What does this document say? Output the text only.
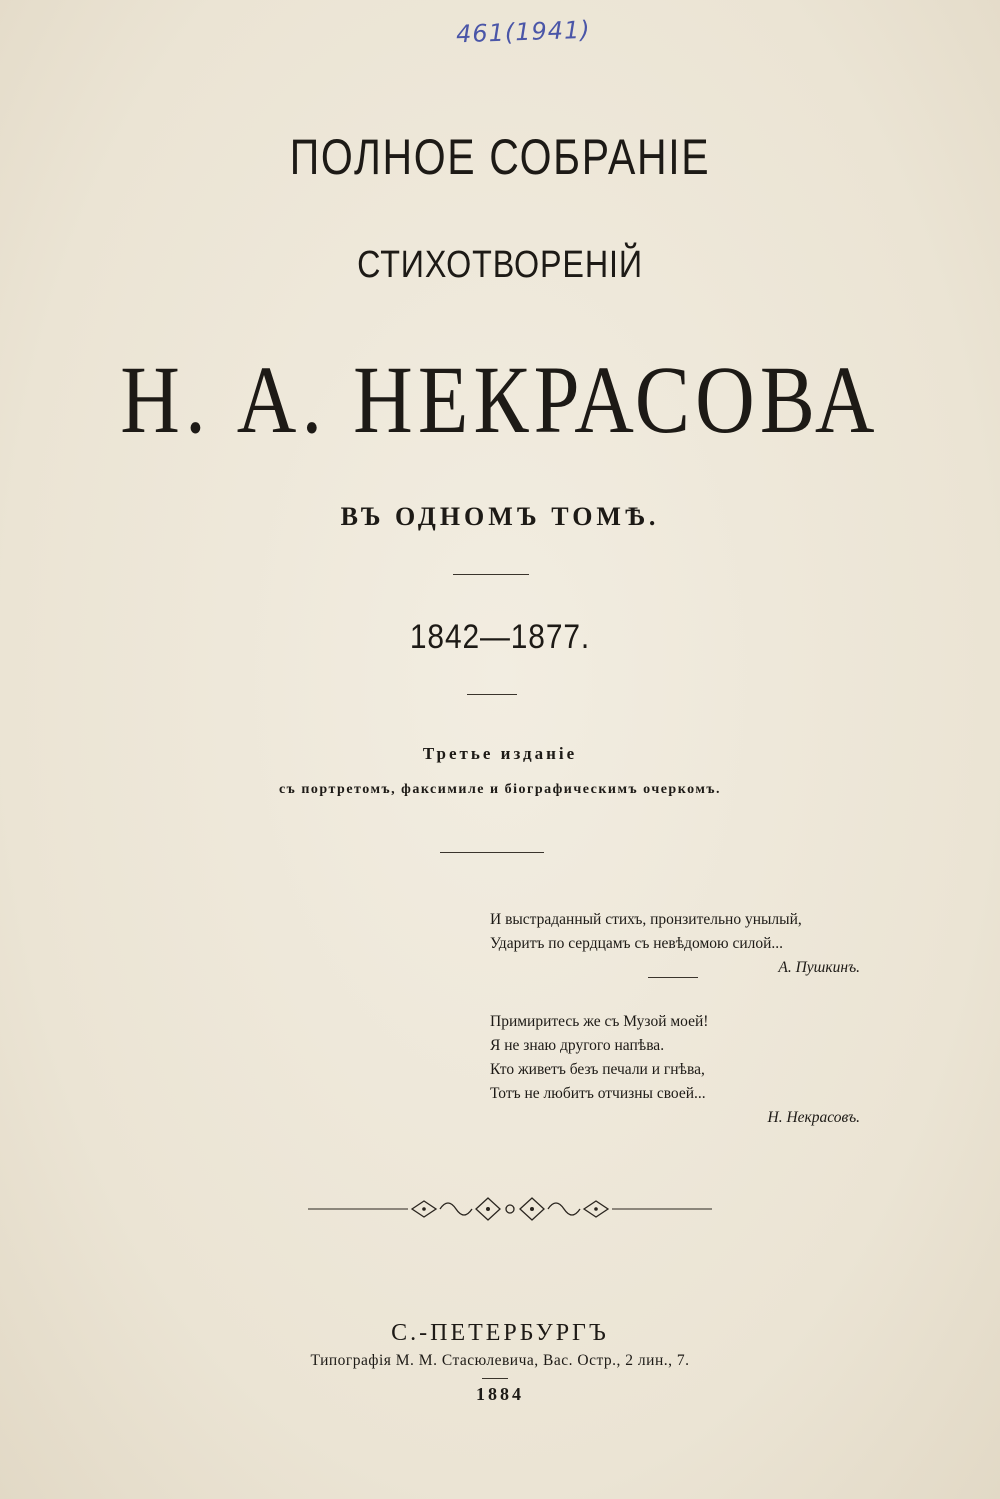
461(1941)
ПОЛНОЕ СОБРАНІЕ
СТИХОТВОРЕНІЙ
Н. А. НЕКРАСОВА
ВЪ ОДНОМЪ ТОМѢ.
1842—1877.
Третье изданіе
съ портретомъ, факсимиле и біографическимъ очеркомъ.
И выстраданный стихъ, пронзительно унылый,
Ударитъ по сердцамъ съ невѣдомою силой...
А. Пушкинъ.
Примиритесь же съ Музой моей!
Я не знаю другого напѣва.
Кто живетъ безъ печали и гнѣва,
Тотъ не любитъ отчизны своей...
Н. Некрасовъ.
С.-ПЕТЕРБУРГЪ
Типографія М. М. Стасюлевича, Вас. Остр., 2 лин., 7.
1884
